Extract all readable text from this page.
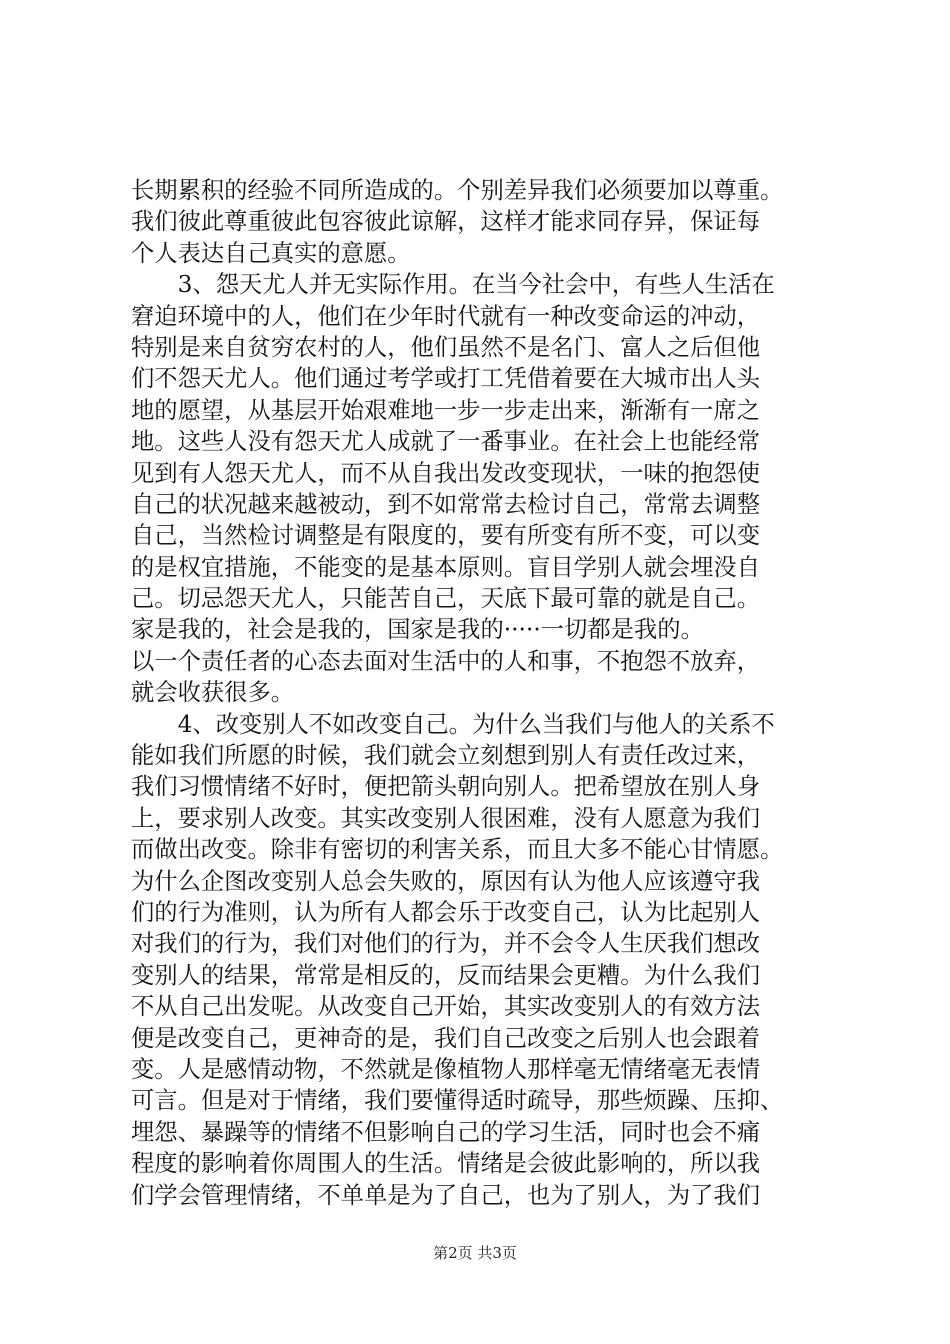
长期累积的经验不同所造成的。个别差异我们必须要加以尊重。
我们彼此尊重彼此包容彼此谅解，这样才能求同存异，保证每
个人表达自己真实的意愿。
　　3、怨天尤人并无实际作用。在当今社会中，有些人生活在
窘迫环境中的人，他们在少年时代就有一种改变命运的冲动，
特别是来自贫穷农村的人，他们虽然不是名门、富人之后但他
们不怨天尤人。他们通过考学或打工凭借着要在大城市出人头
地的愿望，从基层开始艰难地一步一步走出来，渐渐有一席之
地。这些人没有怨天尤人成就了一番事业。在社会上也能经常
见到有人怨天尤人，而不从自我出发改变现状，一味的抱怨使
自己的状况越来越被动，到不如常常去检讨自己，常常去调整
自己，当然检讨调整是有限度的，要有所变有所不变，可以变
的是权宜措施，不能变的是基本原则。盲目学别人就会埋没自
己。切忌怨天尤人，只能苦自己，天底下最可靠的就是自己。
家是我的，社会是我的，国家是我的·····一切都是我的。
以一个责任者的心态去面对生活中的人和事，不抱怨不放弃，
就会收获很多。
　　4、改变别人不如改变自己。为什么当我们与他人的关系不
能如我们所愿的时候，我们就会立刻想到别人有责任改过来，
我们习惯情绪不好时，便把箭头朝向别人。把希望放在别人身
上，要求别人改变。其实改变别人很困难，没有人愿意为我们
而做出改变。除非有密切的利害关系，而且大多不能心甘情愿。
为什么企图改变别人总会失败的，原因有认为他人应该遵守我
们的行为准则，认为所有人都会乐于改变自己，认为比起别人
对我们的行为，我们对他们的行为，并不会令人生厌我们想改
变别人的结果，常常是相反的，反而结果会更糟。为什么我们
不从自己出发呢。从改变自己开始，其实改变别人的有效方法
便是改变自己，更神奇的是，我们自己改变之后别人也会跟着
变。人是感情动物，不然就是像植物人那样毫无情绪毫无表情
可言。但是对于情绪，我们要懂得适时疏导，那些烦躁、压抑、
埋怨、暴躁等的情绪不但影响自己的学习生活，同时也会不痛
程度的影响着你周围人的生活。情绪是会彼此影响的，所以我
们学会管理情绪，不单单是为了自己，也为了别人，为了我们
第2页 共3页
